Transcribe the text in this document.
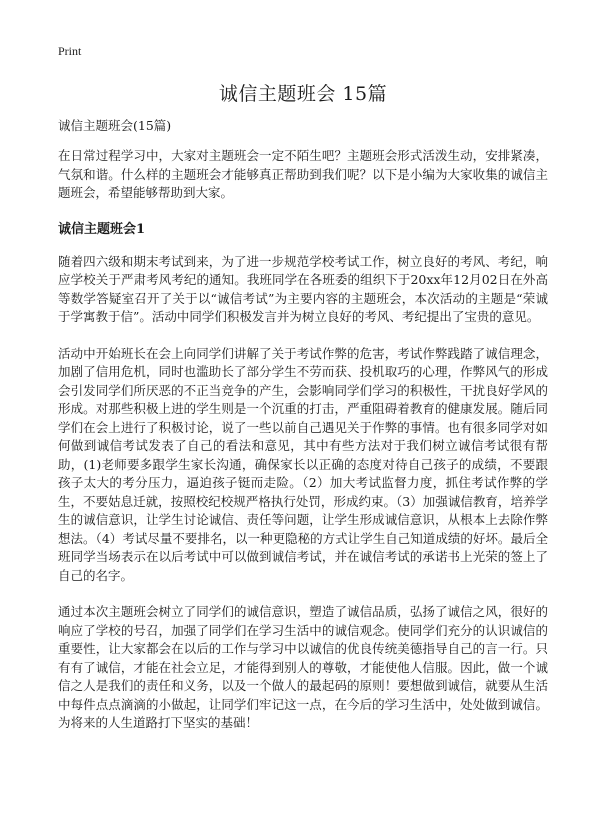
Print
诚信主题班会 15篇

诚信主题班会(15篇)

在日常过程学习中，大家对主题班会一定不陌生吧？主题班会形式活泼生动，安排紧凑，气氛和谐。什么样的主题班会才能够真正帮助到我们呢？以下是小编为大家收集的诚信主题班会，希望能够帮助到大家。

诚信主题班会1

随着四六级和期末考试到来，为了进一步规范学校考试工作，树立良好的考风、考纪，响应学校关于严肃考风考纪的通知。我班同学在各班委的组织下于20xx年12月02日在外高等数学答疑室召开了关于以“诚信考试”为主要内容的主题班会，本次活动的主题是“荣诚于学寓教于信”。活动中同学们积极发言并为树立良好的考风、考纪提出了宝贵的意见。

活动中开始班长在会上向同学们讲解了关于考试作弊的危害，考试作弊践踏了诚信理念，加剧了信用危机，同时也滥助长了部分学生不劳而获、投机取巧的心理，作弊风气的形成会引发同学们所厌恶的不正当竞争的产生，会影响同学们学习的积极性，干扰良好学风的形成。对那些积极上进的学生则是一个沉重的打击，严重阻碍着教育的健康发展。随后同学们在会上进行了积极讨论，说了一些以前自己遇见关于作弊的事情。也有很多同学对如何做到诚信考试发表了自己的看法和意见，其中有些方法对于我们树立诚信考试很有帮助，(1)老师要多跟学生家长沟通，确保家长以正确的态度对待自己孩子的成绩，不要跟孩子太大的考分压力，逼迫孩子铤而走险。（2）加大考试监督力度，抓住考试作弊的学生，不要姑息迁就，按照校纪校规严格执行处罚，形成约束。（3）加强诚信教育，培养学生的诚信意识，让学生讨论诚信、责任等问题，让学生形成诚信意识，从根本上去除作弊想法。（4）考试尽量不要排名，以一种更隐秘的方式让学生自己知道成绩的好坏。最后全班同学当场表示在以后考试中可以做到诚信考试，并在诚信考试的承诺书上光荣的签上了自己的名字。

通过本次主题班会树立了同学们的诚信意识，塑造了诚信品质，弘扬了诚信之风，很好的响应了学校的号召，加强了同学们在学习生活中的诚信观念。使同学们充分的认识诚信的重要性，让大家都会在以后的工作与学习中以诚信的优良传统美德指导自己的言一行。只有有了诚信，才能在社会立足，才能得到别人的尊敬，才能使他人信服。因此，做一个诚信之人是我们的责任和义务，以及一个做人的最起码的原则！要想做到诚信，就要从生活中每件点点滴滴的小做起，让同学们牢记这一点，在今后的学习生活中，处处做到诚信。为将来的人生道路打下坚实的基础！
